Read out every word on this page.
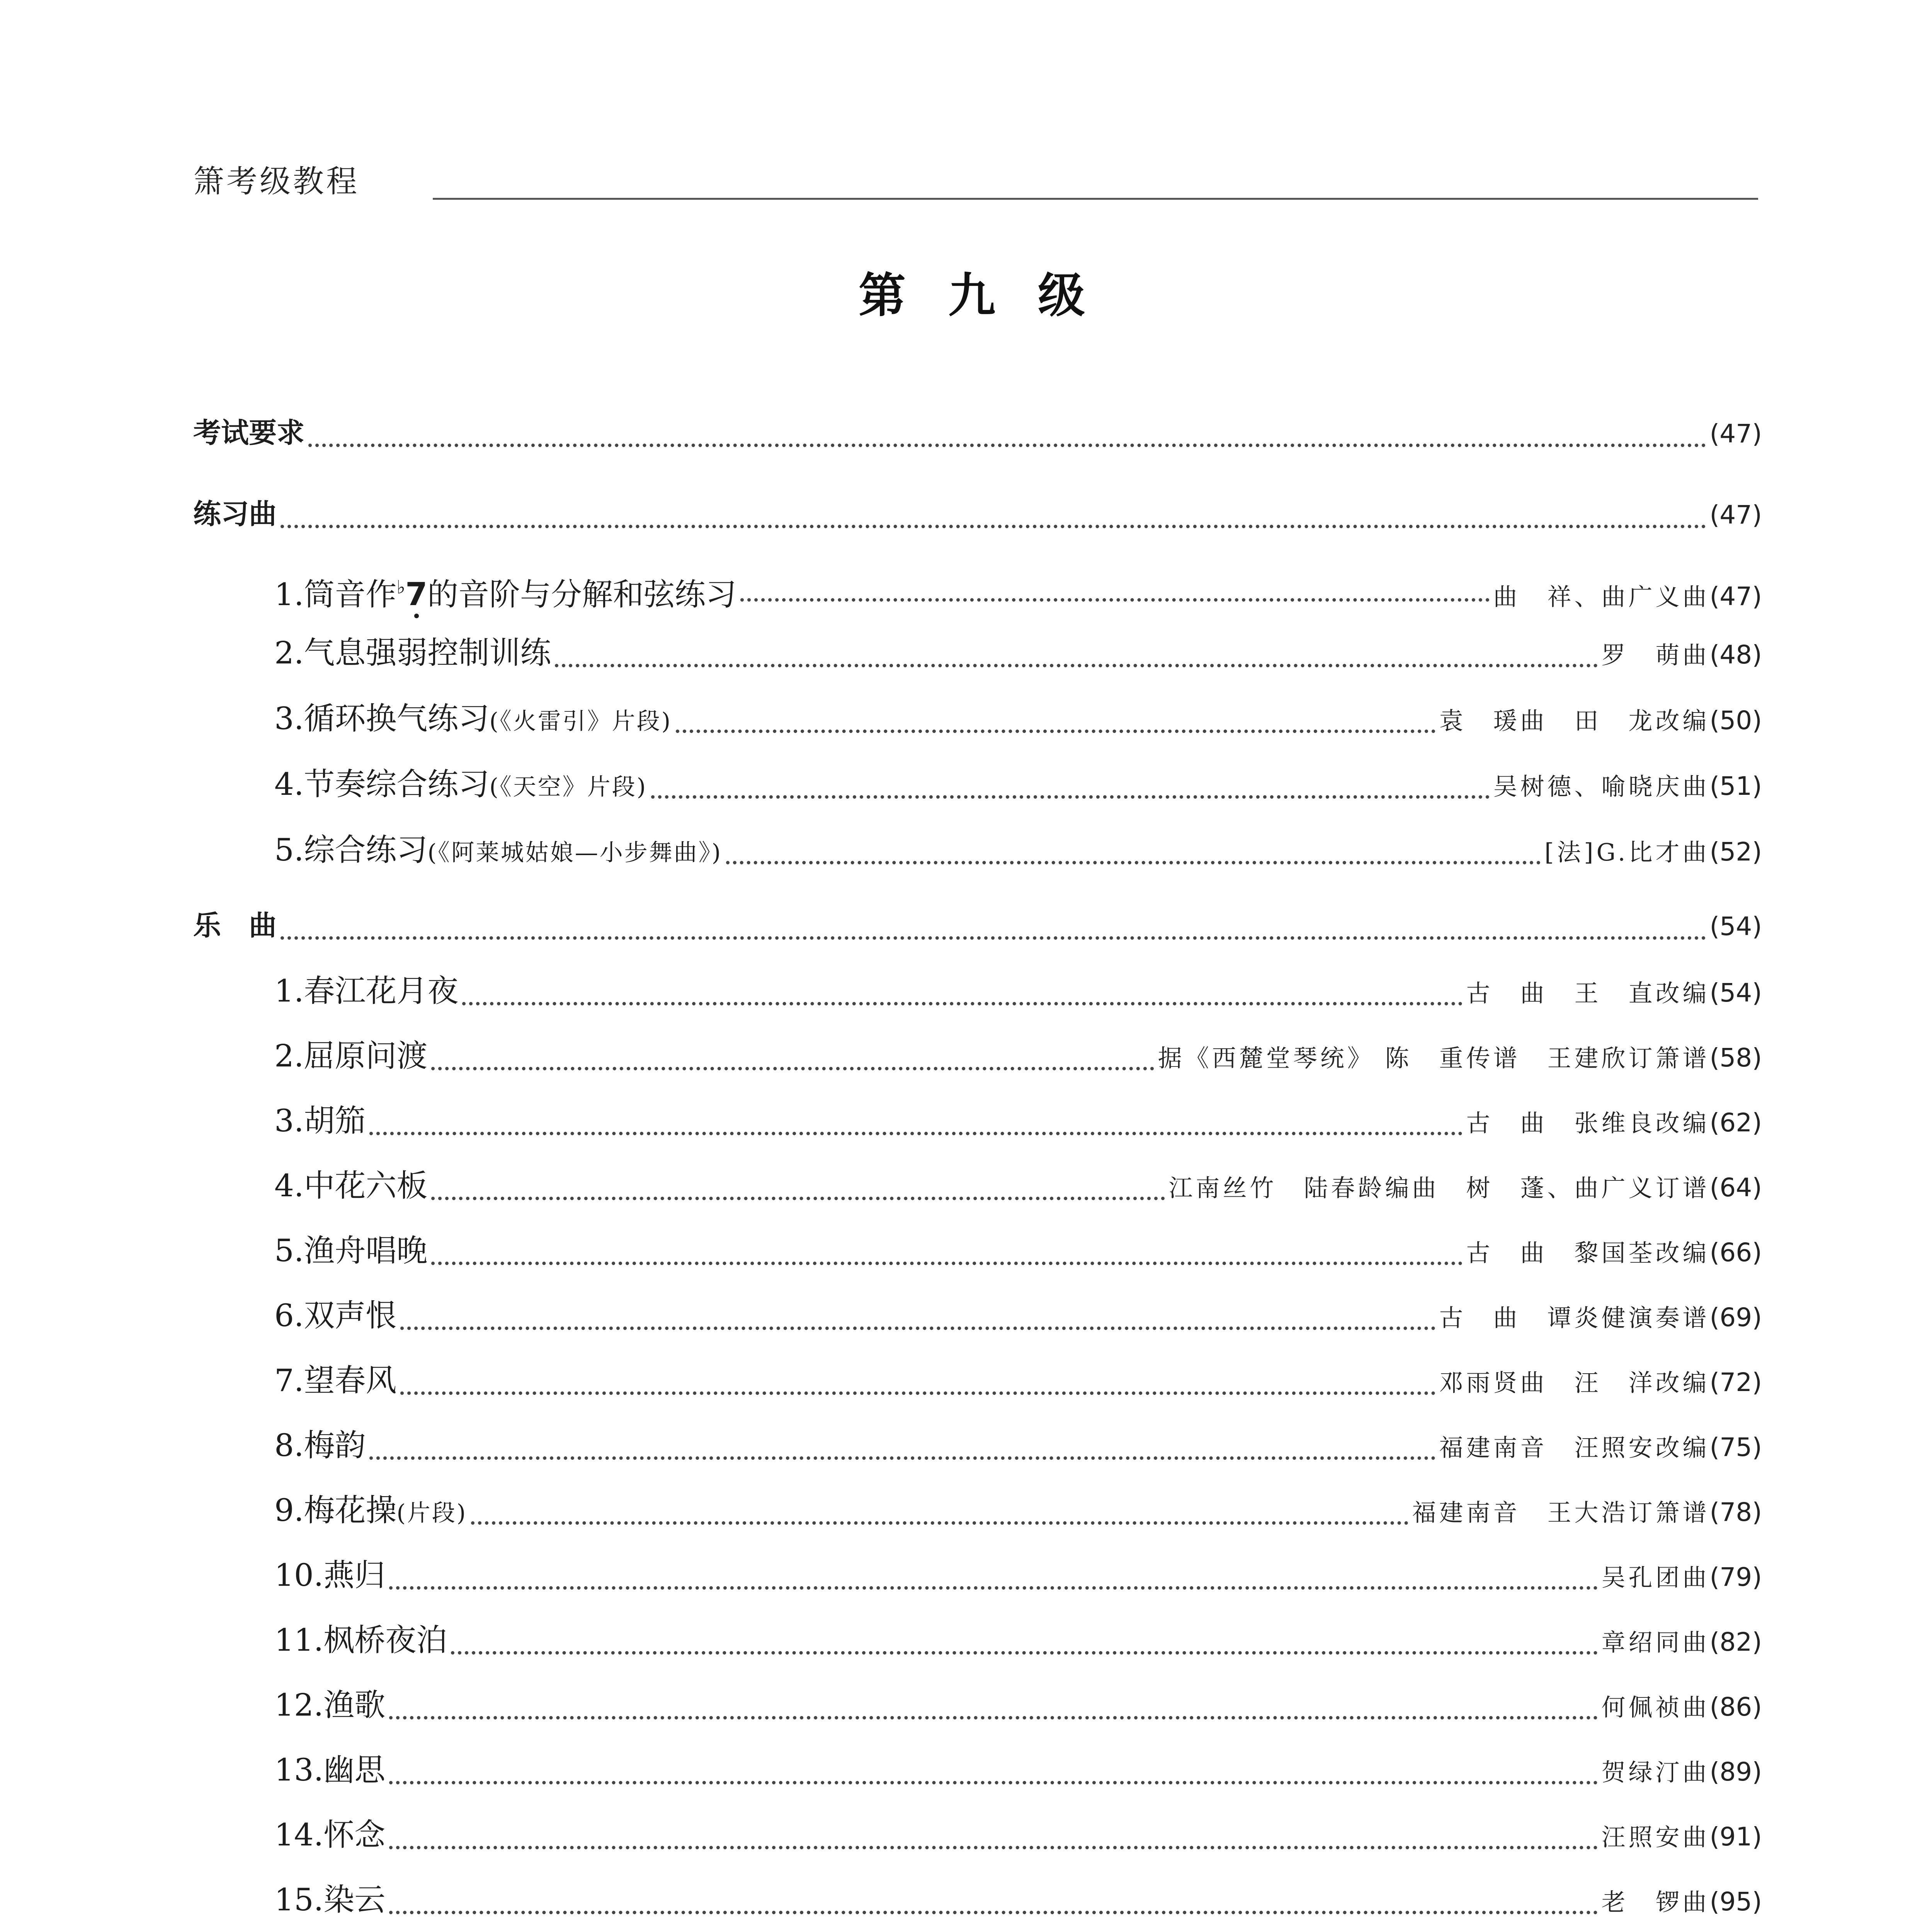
箫考级教程
第九级
考试要求	(47)
练习曲	(47)
1.筒音作♭7的音阶与分解和弦练习	曲　祥、曲广义曲 (47)
2.气息强弱控制训练	罗　萌曲 (48)
3.循环换气练习(《火雷引》片段)	袁　瑗曲　田　龙改编 (50)
4.节奏综合练习(《天空》片段)	吴树德、喻晓庆曲 (51)
5.综合练习(《阿莱城姑娘—小步舞曲》)	[法]G.比才曲 (52)
乐　曲	(54)
1.春江花月夜	古　曲　王　直改编 (54)
2.屈原问渡	据《西麓堂琴统》 陈　重传谱　王建欣订箫谱 (58)
3.胡笳	古　曲　张维良改编 (62)
4.中花六板	江南丝竹　陆春龄编曲　树　蓬、曲广义订谱 (64)
5.渔舟唱晚	古　曲　黎国荃改编 (66)
6.双声恨	古　曲　谭炎健演奏谱 (69)
7.望春风	邓雨贤曲　汪　洋改编 (72)
8.梅韵	福建南音　汪照安改编 (75)
9.梅花操(片段)	福建南音　王大浩订箫谱 (78)
10.燕归	吴孔团曲 (79)
11.枫桥夜泊	章绍同曲 (82)
12.渔歌	何佩祯曲 (86)
13.幽思	贺绿汀曲 (89)
14.怀念	汪照安曲 (91)
15.染云	老　锣曲 (95)
